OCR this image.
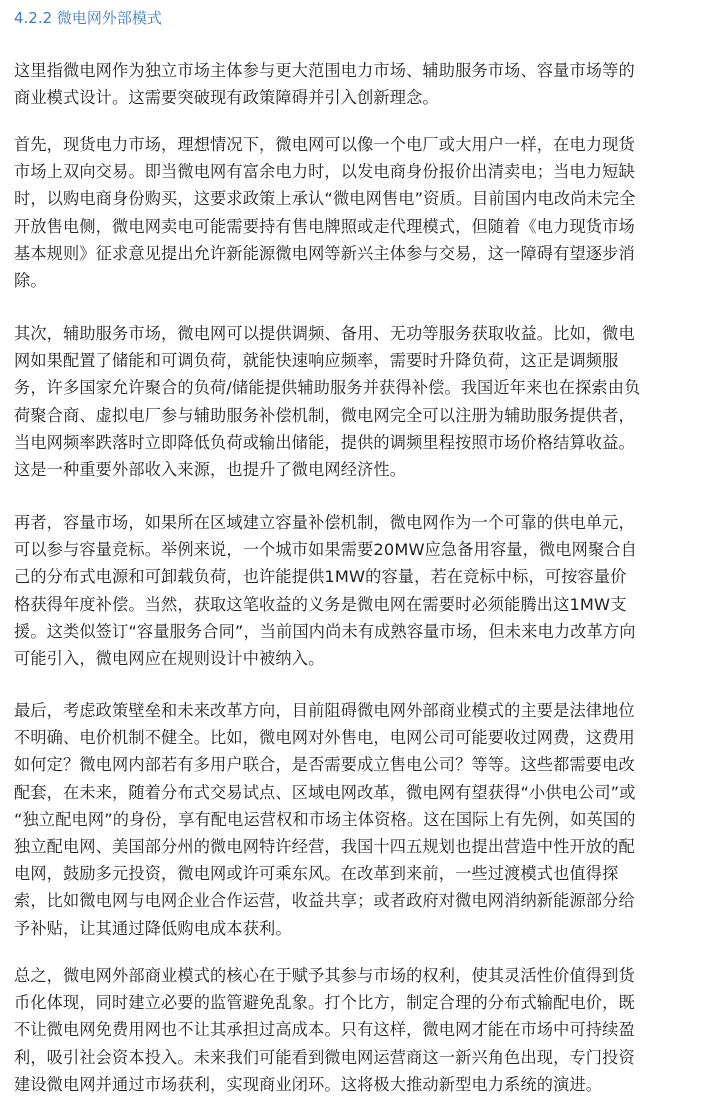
4.2.2 微电网外部模式

这里指微电网作为独立市场主体参与更大范围电力市场、辅助服务市场、容量市场等的
商业模式设计。这需要突破现有政策障碍并引入创新理念。

首先，现货电力市场，理想情况下，微电网可以像一个电厂或大用户一样，在电力现货
市场上双向交易。即当微电网有富余电力时，以发电商身份报价出清卖电；当电力短缺
时，以购电商身份购买，这要求政策上承认“微电网售电”资质。目前国内电改尚未完全
开放售电侧，微电网卖电可能需要持有售电牌照或走代理模式，但随着《电力现货市场
基本规则》征求意见提出允许新能源微电网等新兴主体参与交易，这一障碍有望逐步消
除。

其次，辅助服务市场，微电网可以提供调频、备用、无功等服务获取收益。比如，微电
网如果配置了储能和可调负荷，就能快速响应频率，需要时升降负荷，这正是调频服
务，许多国家允许聚合的负荷/储能提供辅助服务并获得补偿。我国近年来也在探索由负
荷聚合商、虚拟电厂参与辅助服务补偿机制，微电网完全可以注册为辅助服务提供者，
当电网频率跌落时立即降低负荷或输出储能，提供的调频里程按照市场价格结算收益。
这是一种重要外部收入来源，也提升了微电网经济性。

再者，容量市场，如果所在区域建立容量补偿机制，微电网作为一个可靠的供电单元，
可以参与容量竞标。举例来说，一个城市如果需要20MW应急备用容量，微电网聚合自
己的分布式电源和可卸载负荷，也许能提供1MW的容量，若在竞标中标，可按容量价
格获得年度补偿。当然，获取这笔收益的义务是微电网在需要时必须能腾出这1MW支
援。这类似签订“容量服务合同”，当前国内尚未有成熟容量市场，但未来电力改革方向
可能引入，微电网应在规则设计中被纳入。

最后，考虑政策壁垒和未来改革方向，目前阻碍微电网外部商业模式的主要是法律地位
不明确、电价机制不健全。比如，微电网对外售电，电网公司可能要收过网费，这费用
如何定？微电网内部若有多用户联合，是否需要成立售电公司？等等。这些都需要电改
配套，在未来，随着分布式交易试点、区域电网改革，微电网有望获得“小供电公司”或
“独立配电网”的身份，享有配电运营权和市场主体资格。这在国际上有先例，如英国的
独立配电网、美国部分州的微电网特许经营，我国十四五规划也提出营造中性开放的配
电网，鼓励多元投资，微电网或许可乘东风。在改革到来前，一些过渡模式也值得探
索，比如微电网与电网企业合作运营，收益共享；或者政府对微电网消纳新能源部分给
予补贴，让其通过降低购电成本获利。

总之，微电网外部商业模式的核心在于赋予其参与市场的权利，使其灵活性价值得到货
币化体现，同时建立必要的监管避免乱象。打个比方，制定合理的分布式输配电价，既
不让微电网免费用网也不让其承担过高成本。只有这样，微电网才能在市场中可持续盈
利，吸引社会资本投入。未来我们可能看到微电网运营商这一新兴角色出现，专门投资
建设微电网并通过市场获利，实现商业闭环。这将极大推动新型电力系统的演进。
